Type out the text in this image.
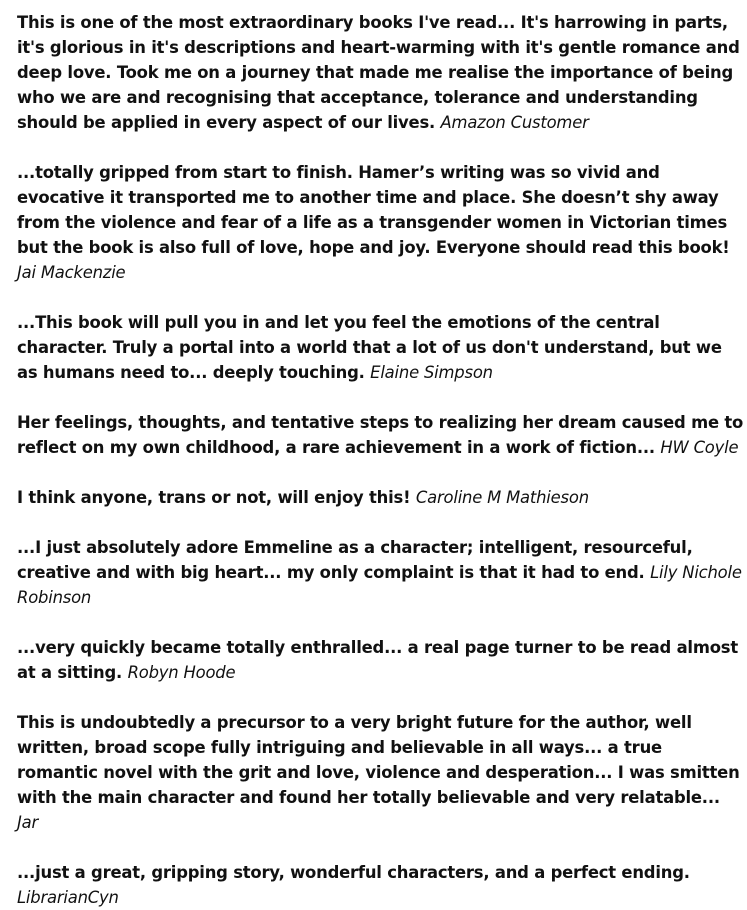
This is one of the most extraordinary books I've read... It's harrowing in parts, it's glorious in it's descriptions and heart-warming with it's gentle romance and deep love. Took me on a journey that made me realise the importance of being who we are and recognising that acceptance, tolerance and understanding should be applied in every aspect of our lives. Amazon Customer

...totally gripped from start to finish. Hamer’s writing was so vivid and evocative it transported me to another time and place. She doesn’t shy away from the violence and fear of a life as a transgender women in Victorian times but the book is also full of love, hope and joy. Everyone should read this book! Jai Mackenzie

...This book will pull you in and let you feel the emotions of the central character. Truly a portal into a world that a lot of us don't understand, but we as humans need to... deeply touching. Elaine Simpson

Her feelings, thoughts, and tentative steps to realizing her dream caused me to reflect on my own childhood, a rare achievement in a work of fiction... HW Coyle

I think anyone, trans or not, will enjoy this! Caroline M Mathieson

...I just absolutely adore Emmeline as a character; intelligent, resourceful, creative and with big heart... my only complaint is that it had to end. Lily Nichole Robinson

...very quickly became totally enthralled... a real page turner to be read almost at a sitting. Robyn Hoode

This is undoubtedly a precursor to a very bright future for the author, well written, broad scope fully intriguing and believable in all ways... a true romantic novel with the grit and love, violence and desperation... I was smitten with the main character and found her totally believable and very relatable... Jar

...just a great, gripping story, wonderful characters, and a perfect ending. LibrarianCyn
